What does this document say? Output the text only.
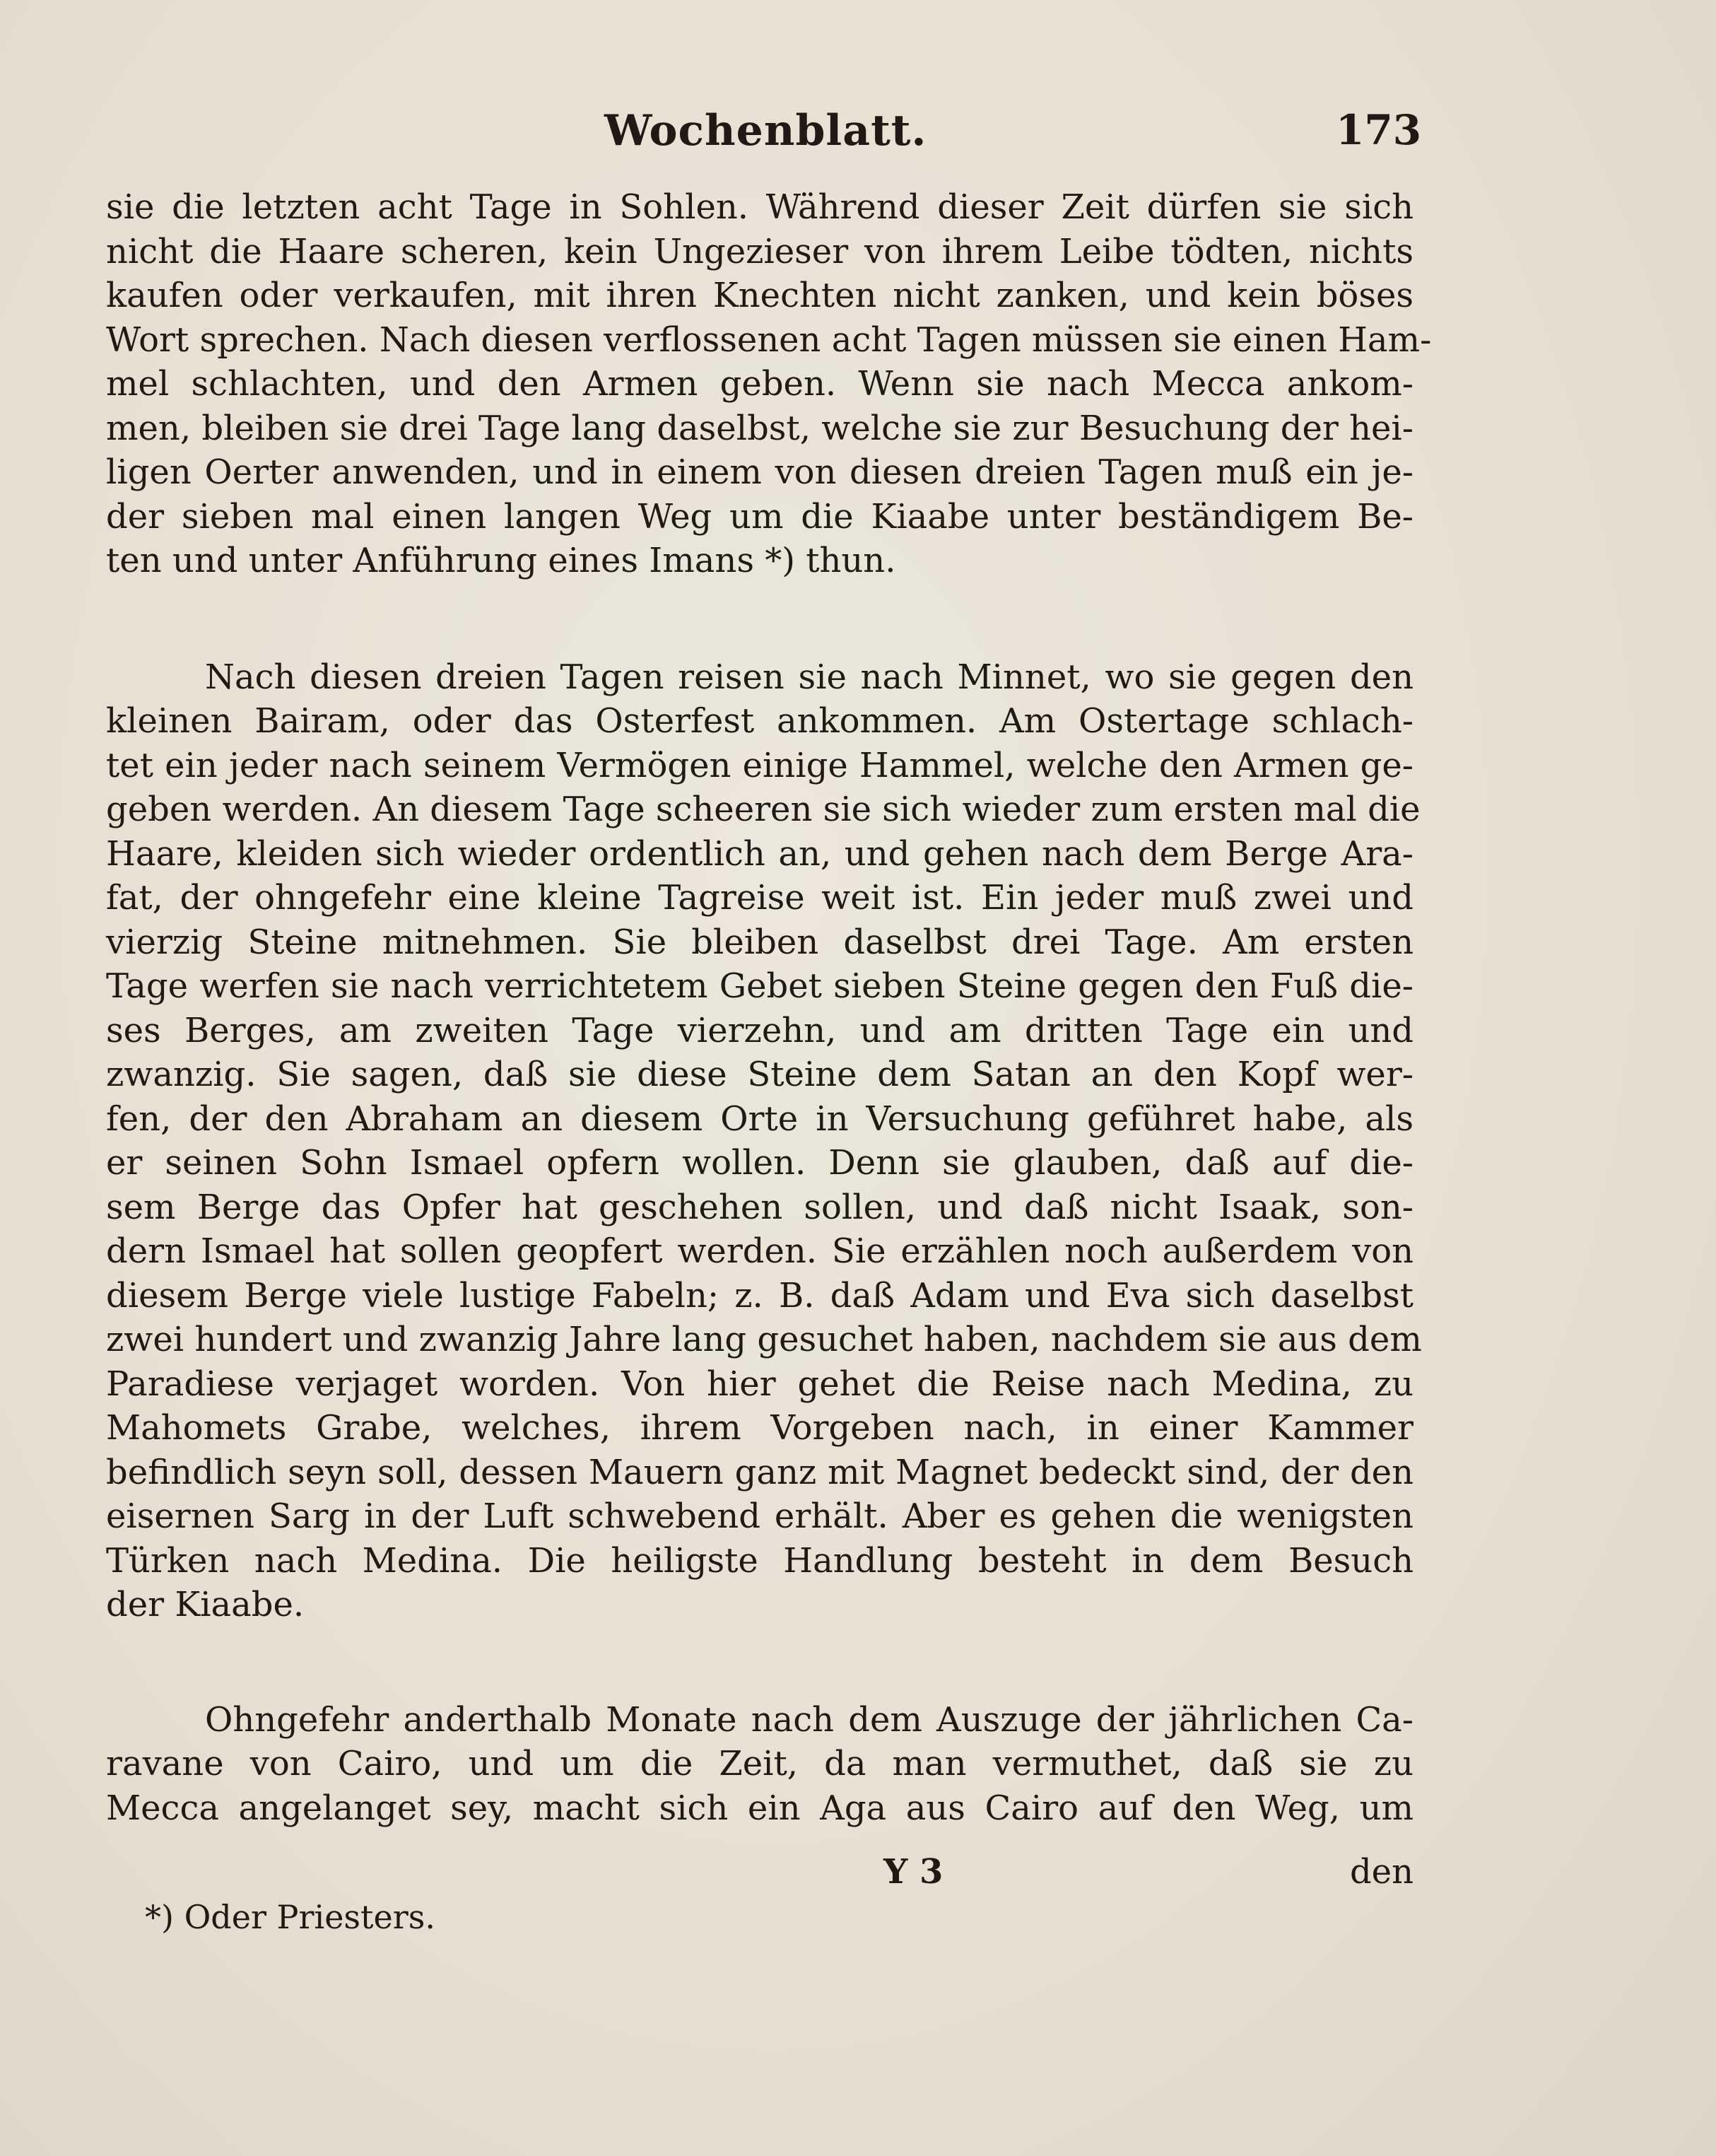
Wochenblatt.	173
sie die letzten acht Tage in Sohlen. Während dieser Zeit dürfen sie sich
nicht die Haare scheren, kein Ungezieser von ihrem Leibe tödten, nichts
kaufen oder verkaufen, mit ihren Knechten nicht zanken, und kein böses
Wort sprechen. Nach diesen verflossenen acht Tagen müssen sie einen Ham-
mel schlachten, und den Armen geben. Wenn sie nach Mecca ankom-
men, bleiben sie drei Tage lang daselbst, welche sie zur Besuchung der hei-
ligen Oerter anwenden, und in einem von diesen dreien Tagen muß ein je-
der sieben mal einen langen Weg um die Kiaabe unter beständigem Be-
ten und unter Anführung eines Imans *) thun.
Nach diesen dreien Tagen reisen sie nach Minnet, wo sie gegen den
kleinen Bairam, oder das Osterfest ankommen. Am Ostertage schlach-
tet ein jeder nach seinem Vermögen einige Hammel, welche den Armen ge-
geben werden. An diesem Tage scheeren sie sich wieder zum ersten mal die
Haare, kleiden sich wieder ordentlich an, und gehen nach dem Berge Ara-
fat, der ohngefehr eine kleine Tagreise weit ist. Ein jeder muß zwei und
vierzig Steine mitnehmen. Sie bleiben daselbst drei Tage. Am ersten
Tage werfen sie nach verrichtetem Gebet sieben Steine gegen den Fuß die-
ses Berges, am zweiten Tage vierzehn, und am dritten Tage ein und
zwanzig. Sie sagen, daß sie diese Steine dem Satan an den Kopf wer-
fen, der den Abraham an diesem Orte in Versuchung geführet habe, als
er seinen Sohn Ismael opfern wollen. Denn sie glauben, daß auf die-
sem Berge das Opfer hat geschehen sollen, und daß nicht Isaak, son-
dern Ismael hat sollen geopfert werden. Sie erzählen noch außerdem von
diesem Berge viele lustige Fabeln; z. B. daß Adam und Eva sich daselbst
zwei hundert und zwanzig Jahre lang gesuchet haben, nachdem sie aus dem
Paradiese verjaget worden. Von hier gehet die Reise nach Medina, zu
Mahomets Grabe, welches, ihrem Vorgeben nach, in einer Kammer
befindlich seyn soll, dessen Mauern ganz mit Magnet bedeckt sind, der den
eisernen Sarg in der Luft schwebend erhält. Aber es gehen die wenigsten
Türken nach Medina. Die heiligste Handlung besteht in dem Besuch
der Kiaabe.
Ohngefehr anderthalb Monate nach dem Auszuge der jährlichen Ca-
ravane von Cairo, und um die Zeit, da man vermuthet, daß sie zu
Mecca angelanget sey, macht sich ein Aga aus Cairo auf den Weg, um
Y 3	den
*) Oder Priesters.
